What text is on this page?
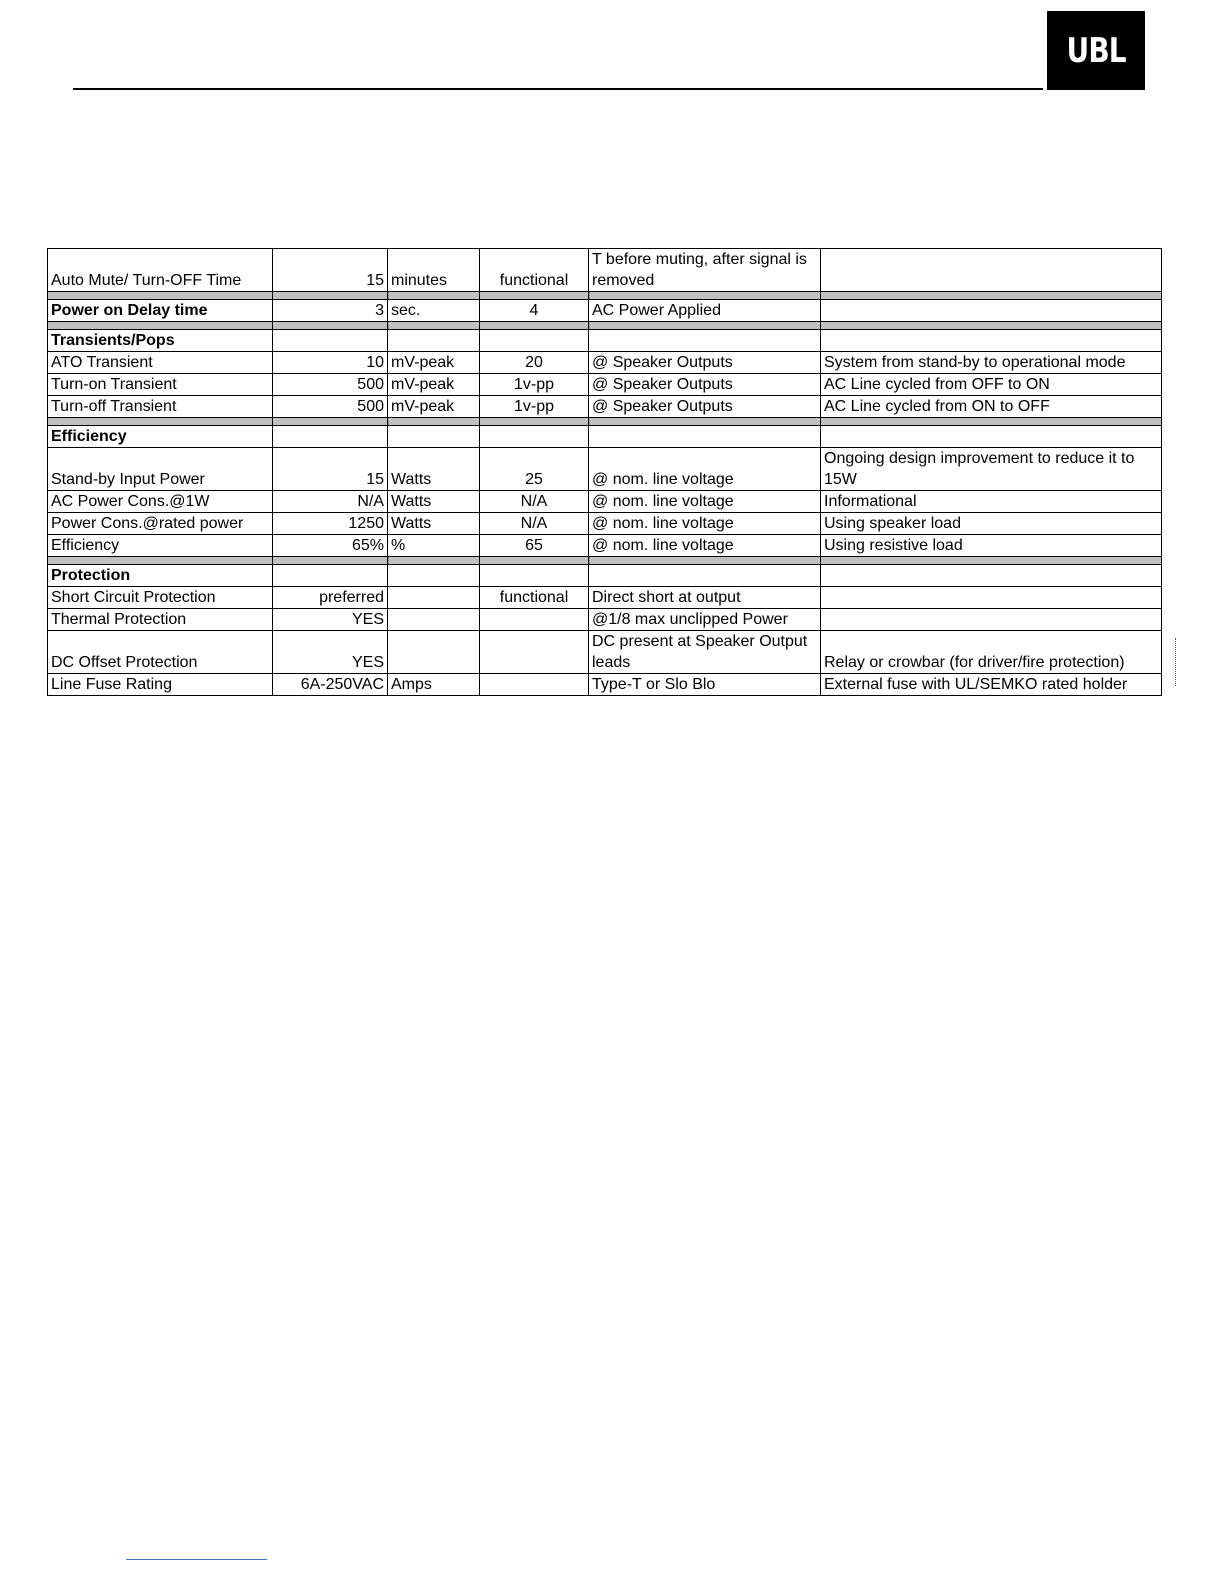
UBL
Auto Mute/ Turn-OFF Time	15	minutes	functional	T before muting, after signal is removed	

Power on Delay time	3	sec.	4	AC Power Applied	

Transients/Pops					
ATO Transient	10	mV-peak	20	@ Speaker Outputs	System from stand-by to operational mode
Turn-on Transient	500	mV-peak	1v-pp	@ Speaker Outputs	AC Line cycled from OFF to ON
Turn-off Transient	500	mV-peak	1v-pp	@ Speaker Outputs	AC Line cycled from ON to OFF

Efficiency					
Stand-by Input Power	15	Watts	25	@ nom. line voltage	Ongoing design improvement to reduce it to 15W
AC Power Cons.@1W	N/A	Watts	N/A	@ nom. line voltage	Informational
Power Cons.@rated power	1250	Watts	N/A	@ nom. line voltage	Using speaker load
Efficiency	65%	%	65	@ nom. line voltage	Using resistive load

Protection					
Short Circuit Protection	preferred		functional	Direct short at output	
Thermal Protection	YES			@1/8 max unclipped Power	
DC Offset Protection	YES			DC present at Speaker Output leads	Relay or crowbar (for driver/fire protection)
Line Fuse Rating	6A-250VAC	Amps		Type-T or Slo Blo	External fuse with UL/SEMKO rated holder
